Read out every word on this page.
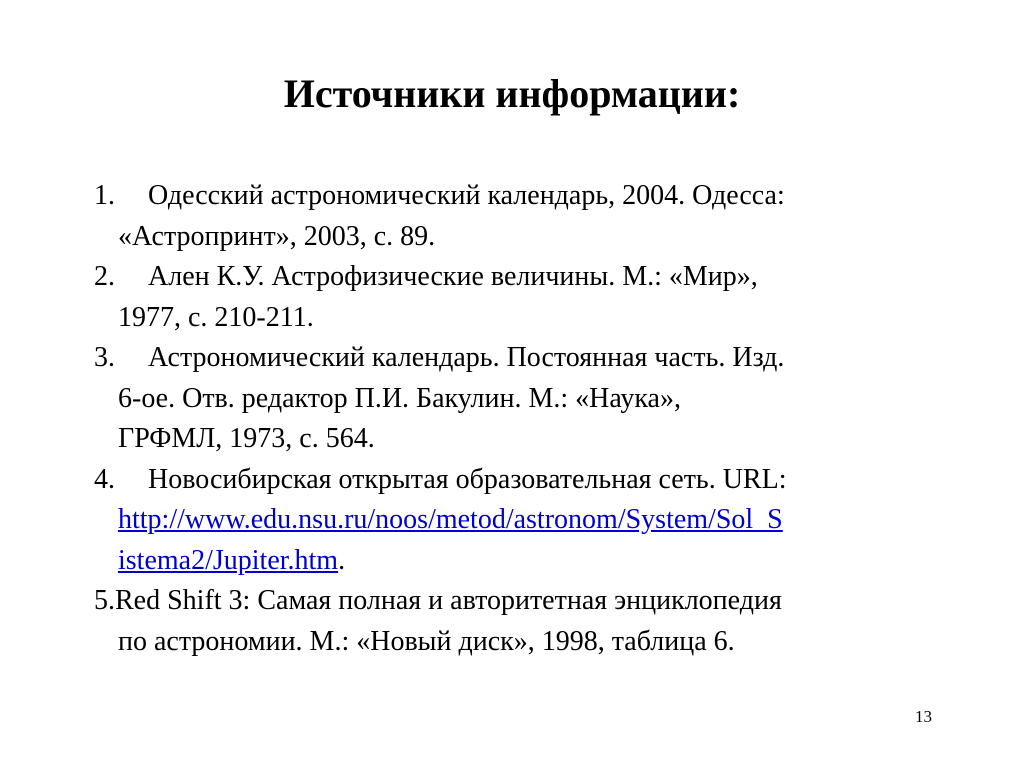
Источники информации:
1. Одесский астрономический календарь, 2004. Одесса:
«Астропринт», 2003, с. 89.
2. Ален К.У. Астрофизические величины. М.: «Мир»,
1977, с. 210-211.
3. Астрономический календарь. Постоянная часть. Изд.
6-ое. Отв. редактор П.И. Бакулин. М.: «Наука»,
ГРФМЛ, 1973, с. 564.
4. Новосибирская открытая образовательная сеть. URL:
http://www.edu.nsu.ru/noos/metod/astronom/System/Sol_S
istema2/Jupiter.htm.
5.Red Shift 3: Самая полная и авторитетная энциклопедия
по астрономии. М.: «Новый диск», 1998, таблица 6.
13
